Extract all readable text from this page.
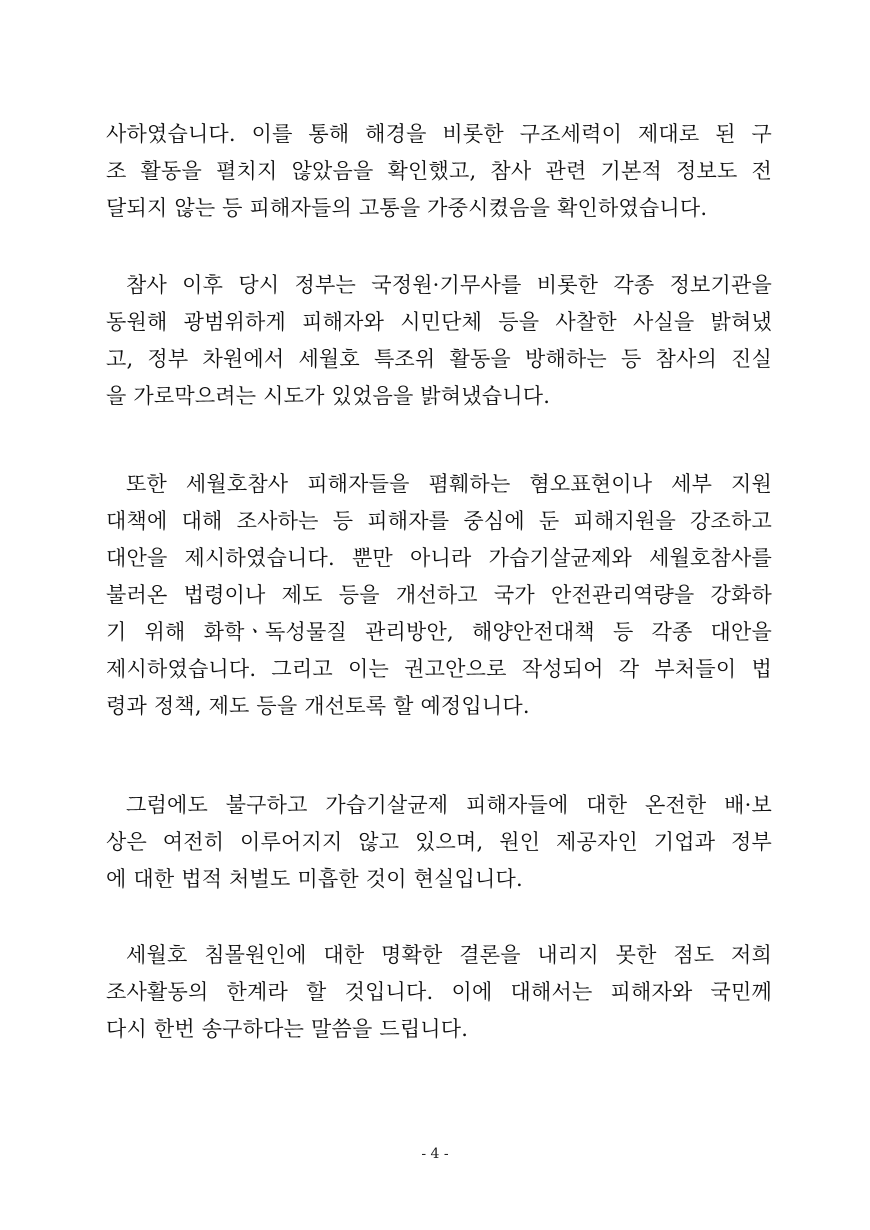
사하였습니다. 이를 통해 해경을 비롯한 구조세력이 제대로 된 구
조 활동을 펼치지 않았음을 확인했고, 참사 관련 기본적 정보도 전
달되지 않는 등 피해자들의 고통을 가중시켰음을 확인하였습니다.
참사 이후 당시 정부는 국정원·기무사를 비롯한 각종 정보기관을
동원해 광범위하게 피해자와 시민단체 등을 사찰한 사실을 밝혀냈
고, 정부 차원에서 세월호 특조위 활동을 방해하는 등 참사의 진실
을 가로막으려는 시도가 있었음을 밝혀냈습니다.
또한 세월호참사 피해자들을 폄훼하는 혐오표현이나 세부 지원
대책에 대해 조사하는 등 피해자를 중심에 둔 피해지원을 강조하고
대안을 제시하였습니다. 뿐만 아니라 가습기살균제와 세월호참사를
불러온 법령이나 제도 등을 개선하고 국가 안전관리역량을 강화하
기 위해 화학ㆍ독성물질 관리방안, 해양안전대책 등 각종 대안을
제시하였습니다. 그리고 이는 권고안으로 작성되어 각 부처들이 법
령과 정책, 제도 등을 개선토록 할 예정입니다.
그럼에도 불구하고 가습기살균제 피해자들에 대한 온전한 배·보
상은 여전히 이루어지지 않고 있으며, 원인 제공자인 기업과 정부
에 대한 법적 처벌도 미흡한 것이 현실입니다.
세월호 침몰원인에 대한 명확한 결론을 내리지 못한 점도 저희
조사활동의 한계라 할 것입니다. 이에 대해서는 피해자와 국민께
다시 한번 송구하다는 말씀을 드립니다.
- 4 -
